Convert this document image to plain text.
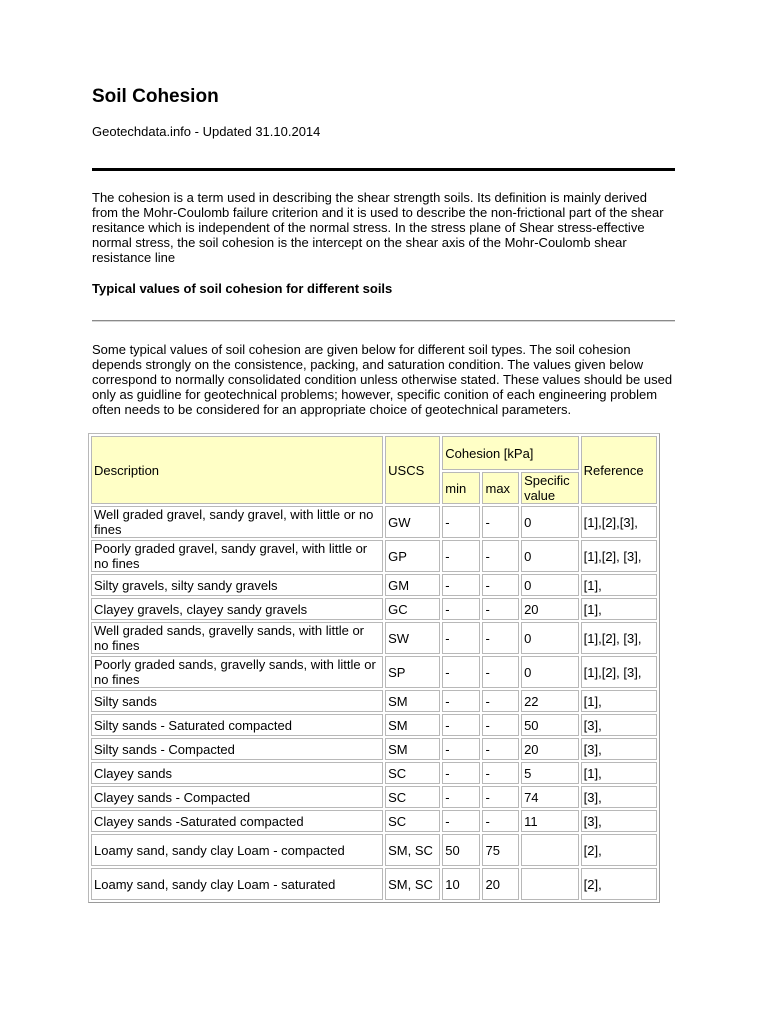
Soil Cohesion
Geotechdata.info - Updated 31.10.2014

The cohesion is a term used in describing the shear strength soils. Its definition is mainly derived from the Mohr-Coulomb failure criterion and it is used to describe the non-frictional part of the shear resitance which is independent of the normal stress. In the stress plane of Shear stress-effective normal stress, the soil cohesion is the intercept on the shear axis of the Mohr-Coulomb shear resistance line

Typical values of soil cohesion for different soils

Some typical values of soil cohesion are given below for different soil types. The soil cohesion depends strongly on the consistence, packing, and saturation condition. The values given below correspond to normally consolidated condition unless otherwise stated. These values should be used only as guidline for geotechnical problems; however, specific conition of each engineering problem often needs to be considered for an appropriate choice of geotechnical parameters.

Description	USCS	Cohesion [kPa]			Reference
		min	max	Specific value	
Well graded gravel, sandy gravel, with little or no fines	GW	-	-	0	[1],[2],[3],
Poorly graded gravel, sandy gravel, with little or no fines	GP	-	-	0	[1],[2], [3],
Silty gravels, silty sandy gravels	GM	-	-	0	[1],
Clayey gravels, clayey sandy gravels	GC	-	-	20	[1],
Well graded sands, gravelly sands, with little or no fines	SW	-	-	0	[1],[2], [3],
Poorly graded sands, gravelly sands, with little or no fines	SP	-	-	0	[1],[2], [3],
Silty sands	SM	-	-	22	[1],
Silty sands - Saturated compacted	SM	-	-	50	[3],
Silty sands - Compacted	SM	-	-	20	[3],
Clayey sands	SC	-	-	5	[1],
Clayey sands - Compacted	SC	-	-	74	[3],
Clayey sands -Saturated compacted	SC	-	-	11	[3],
Loamy sand, sandy clay Loam - compacted	SM, SC	50	75		[2],
Loamy sand, sandy clay Loam - saturated	SM, SC	10	20		[2],
